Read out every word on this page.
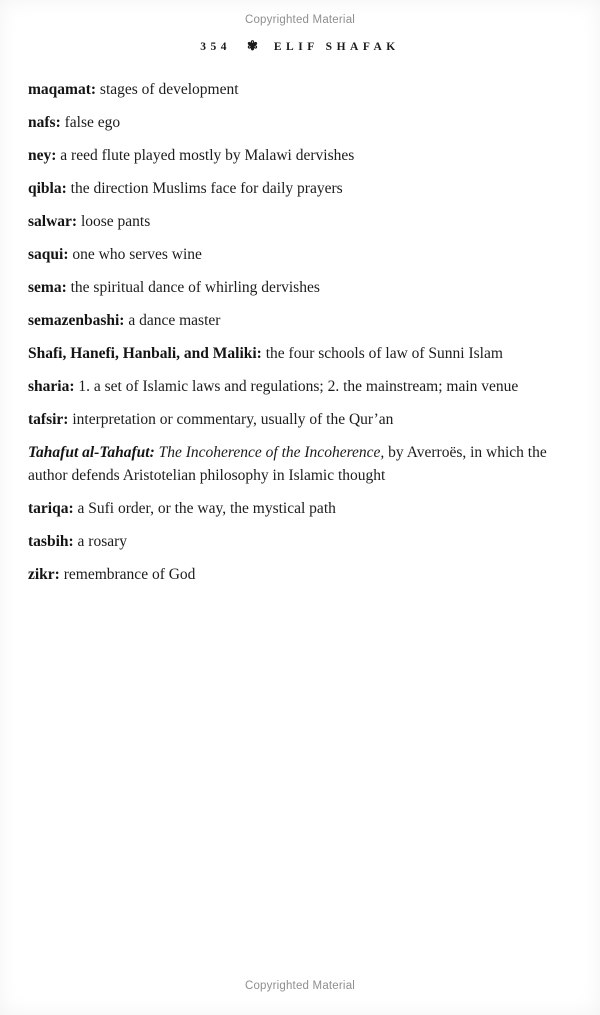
Copyrighted Material
354 ✾ ELIF SHAFAK

maqamat: stages of development

nafs: false ego

ney: a reed flute played mostly by Malawi dervishes

qibla: the direction Muslims face for daily prayers

salwar: loose pants

saqui: one who serves wine

sema: the spiritual dance of whirling dervishes

semazenbashi: a dance master

Shafi, Hanefi, Hanbali, and Maliki: the four schools of law of Sunni Islam

sharia: 1. a set of Islamic laws and regulations; 2. the mainstream; main venue

tafsir: interpretation or commentary, usually of the Qur’an

Tahafut al-Tahafut: The Incoherence of the Incoherence, by Averroës, in which the author defends Aristotelian philosophy in Islamic thought

tariqa: a Sufi order, or the way, the mystical path

tasbih: a rosary

zikr: remembrance of God

Copyrighted Material
